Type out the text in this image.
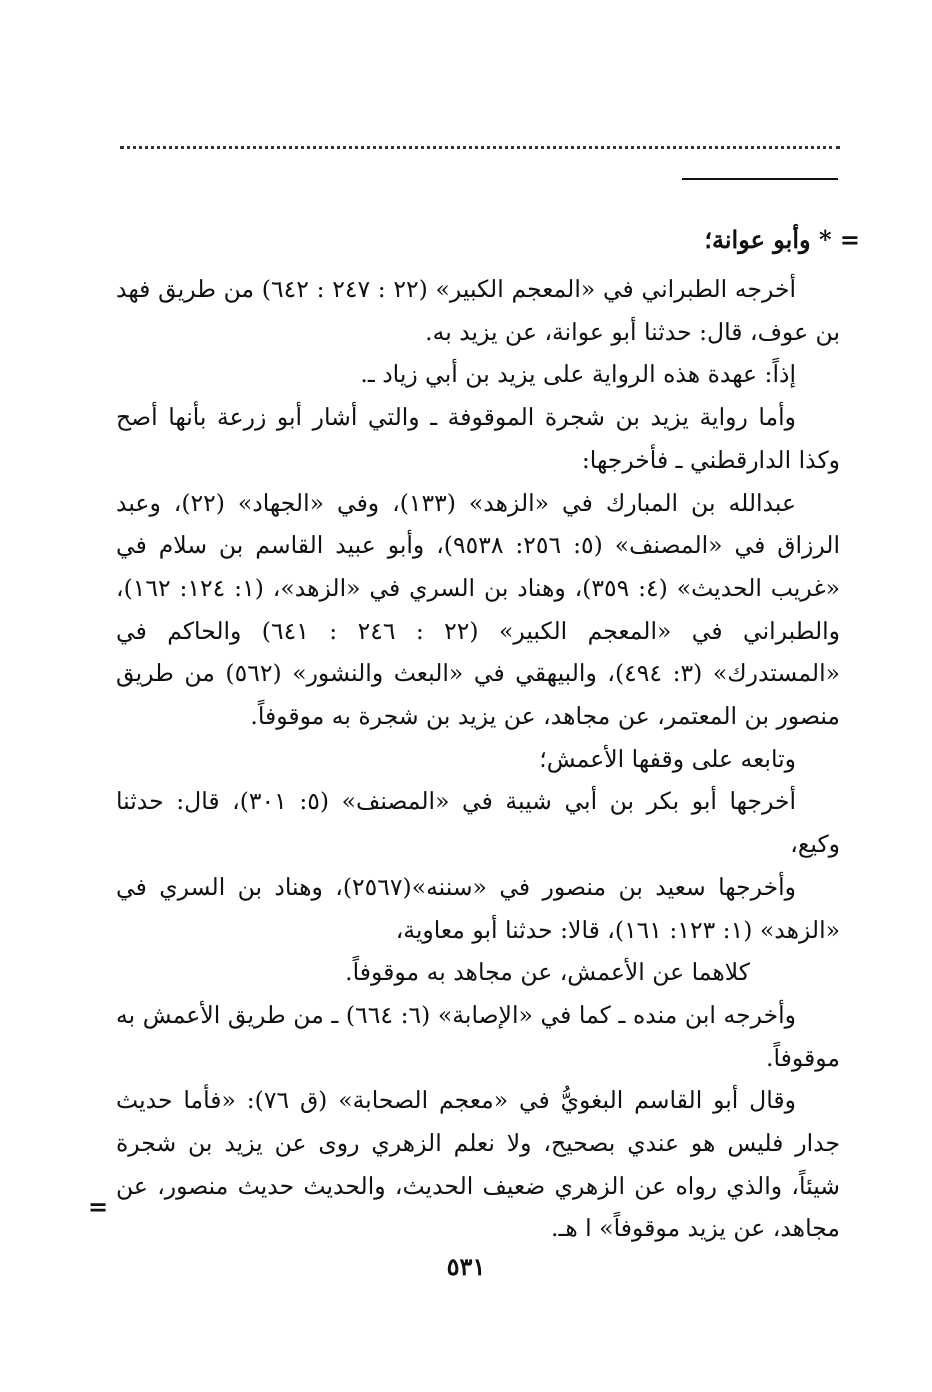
= * وأبو عوانة؛

أخرجه الطبراني في «المعجم الكبير» (٢٢ : ٢٤٧ : ٦٤٢) من طريق فهد بن عوف، قال: حدثنا أبو عوانة، عن يزيد به.

إذاً: عهدة هذه الرواية على يزيد بن أبي زياد ـ.

وأما رواية يزيد بن شجرة الموقوفة ـ والتي أشار أبو زرعة بأنها أصح وكذا الدارقطني ـ فأخرجها:

عبدالله بن المبارك في «الزهد» (١٣٣)، وفي «الجهاد» (٢٢)، وعبد الرزاق في «المصنف» (٥: ٢٥٦: ٩٥٣٨)، وأبو عبيد القاسم بن سلام في «غريب الحديث» (٤: ٣٥٩)، وهناد بن السري في «الزهد»، (١: ١٢٤: ١٦٢)، والطبراني في «المعجم الكبير» (٢٢ : ٢٤٦ : ٦٤١) والحاكم في «المستدرك» (٣: ٤٩٤)، والبيهقي في «البعث والنشور» (٥٦٢) من طريق منصور بن المعتمر، عن مجاهد، عن يزيد بن شجرة به موقوفاً.

وتابعه على وقفها الأعمش؛

أخرجها أبو بكر بن أبي شيبة في «المصنف» (٥: ٣٠١)، قال: حدثنا وكيع،

وأخرجها سعيد بن منصور في «سننه»(٢٥٦٧)، وهناد بن السري في «الزهد» (١: ١٢٣: ١٦١)، قالا: حدثنا أبو معاوية،

كلاهما عن الأعمش، عن مجاهد به موقوفاً.

وأخرجه ابن منده ـ كما في «الإصابة» (٦: ٦٦٤) ـ من طريق الأعمش به موقوفاً.

وقال أبو القاسم البغويُّ في «معجم الصحابة» (ق ٧٦): «فأما حديث جدار فليس هو عندي بصحيح، ولا نعلم الزهري روى عن يزيد بن شجرة شيئاً، والذي رواه عن الزهري ضعيف الحديث، والحديث حديث منصور، عن مجاهد، عن يزيد موقوفاً» ا هـ.

=
٥٣١
